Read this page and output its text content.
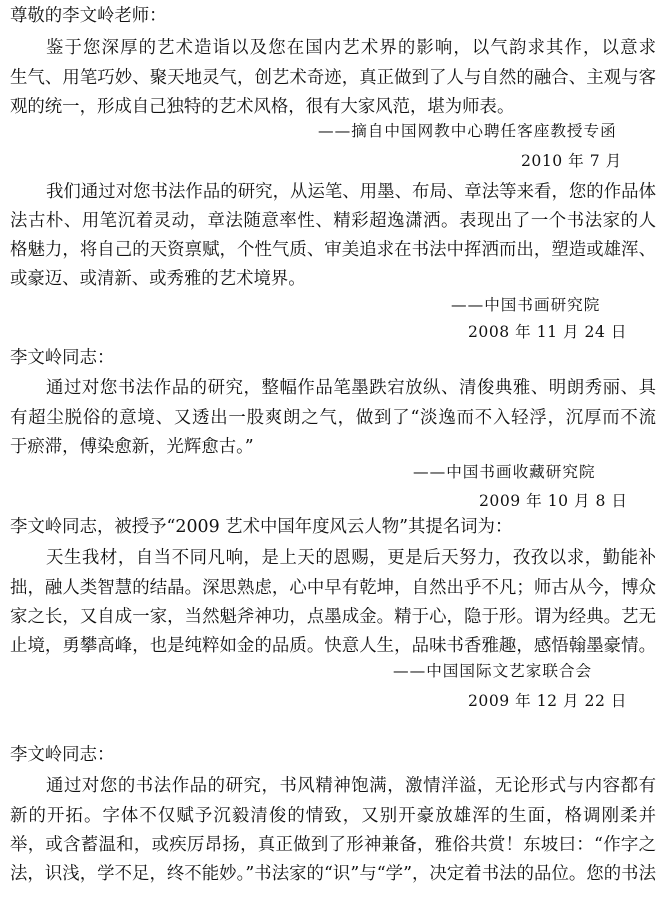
尊敬的李文岭老师：
鉴于您深厚的艺术造诣以及您在国内艺术界的影响，以气韵求其作，以意求
生气、用笔巧妙、聚天地灵气，创艺术奇迹，真正做到了人与自然的融合、主观与客
观的统一，形成自己独特的艺术风格，很有大家风范，堪为师表。
——摘自中国网教中心聘任客座教授专函
2010 年 7 月
我们通过对您书法作品的研究，从运笔、用墨、布局、章法等来看，您的作品体
法古朴、用笔沉着灵动，章法随意率性、精彩超逸潇洒。表现出了一个书法家的人
格魅力，将自己的天资禀赋，个性气质、审美追求在书法中挥洒而出，塑造或雄浑、
或豪迈、或清新、或秀雅的艺术境界。
——中国书画研究院
2008 年 11 月 24 日
李文岭同志：
通过对您书法作品的研究，整幅作品笔墨跌宕放纵、清俊典雅、明朗秀丽、具
有超尘脱俗的意境、又透出一股爽朗之气，做到了“淡逸而不入轻浮，沉厚而不流
于瘀滞，傅染愈新，光辉愈古。”
——中国书画收藏研究院
2009 年 10 月 8 日
李文岭同志，被授予“2009 艺术中国年度风云人物”其提名词为：
天生我材，自当不同凡响，是上天的恩赐，更是后天努力，孜孜以求，勤能补
拙，融人类智慧的结晶。深思熟虑，心中早有乾坤，自然出乎不凡；师古从今，博众
家之长，又自成一家，当然魁斧神功，点墨成金。精于心，隐于形。谓为经典。艺无
止境，勇攀高峰，也是纯粹如金的品质。快意人生，品味书香雅趣，感悟翰墨豪情。
——中国国际文艺家联合会
2009 年 12 月 22 日
李文岭同志：
通过对您的书法作品的研究，书风精神饱满，激情洋溢，无论形式与内容都有
新的开拓。字体不仅赋予沉毅清俊的情致，又别开豪放雄浑的生面，格调刚柔并
举，或含蓄温和，或疾厉昂扬，真正做到了形神兼备，雅俗共赏！东坡曰：“作字之
法，识浅，学不足，终不能妙。”书法家的“识”与“学”，决定着书法的品位。您的书法
